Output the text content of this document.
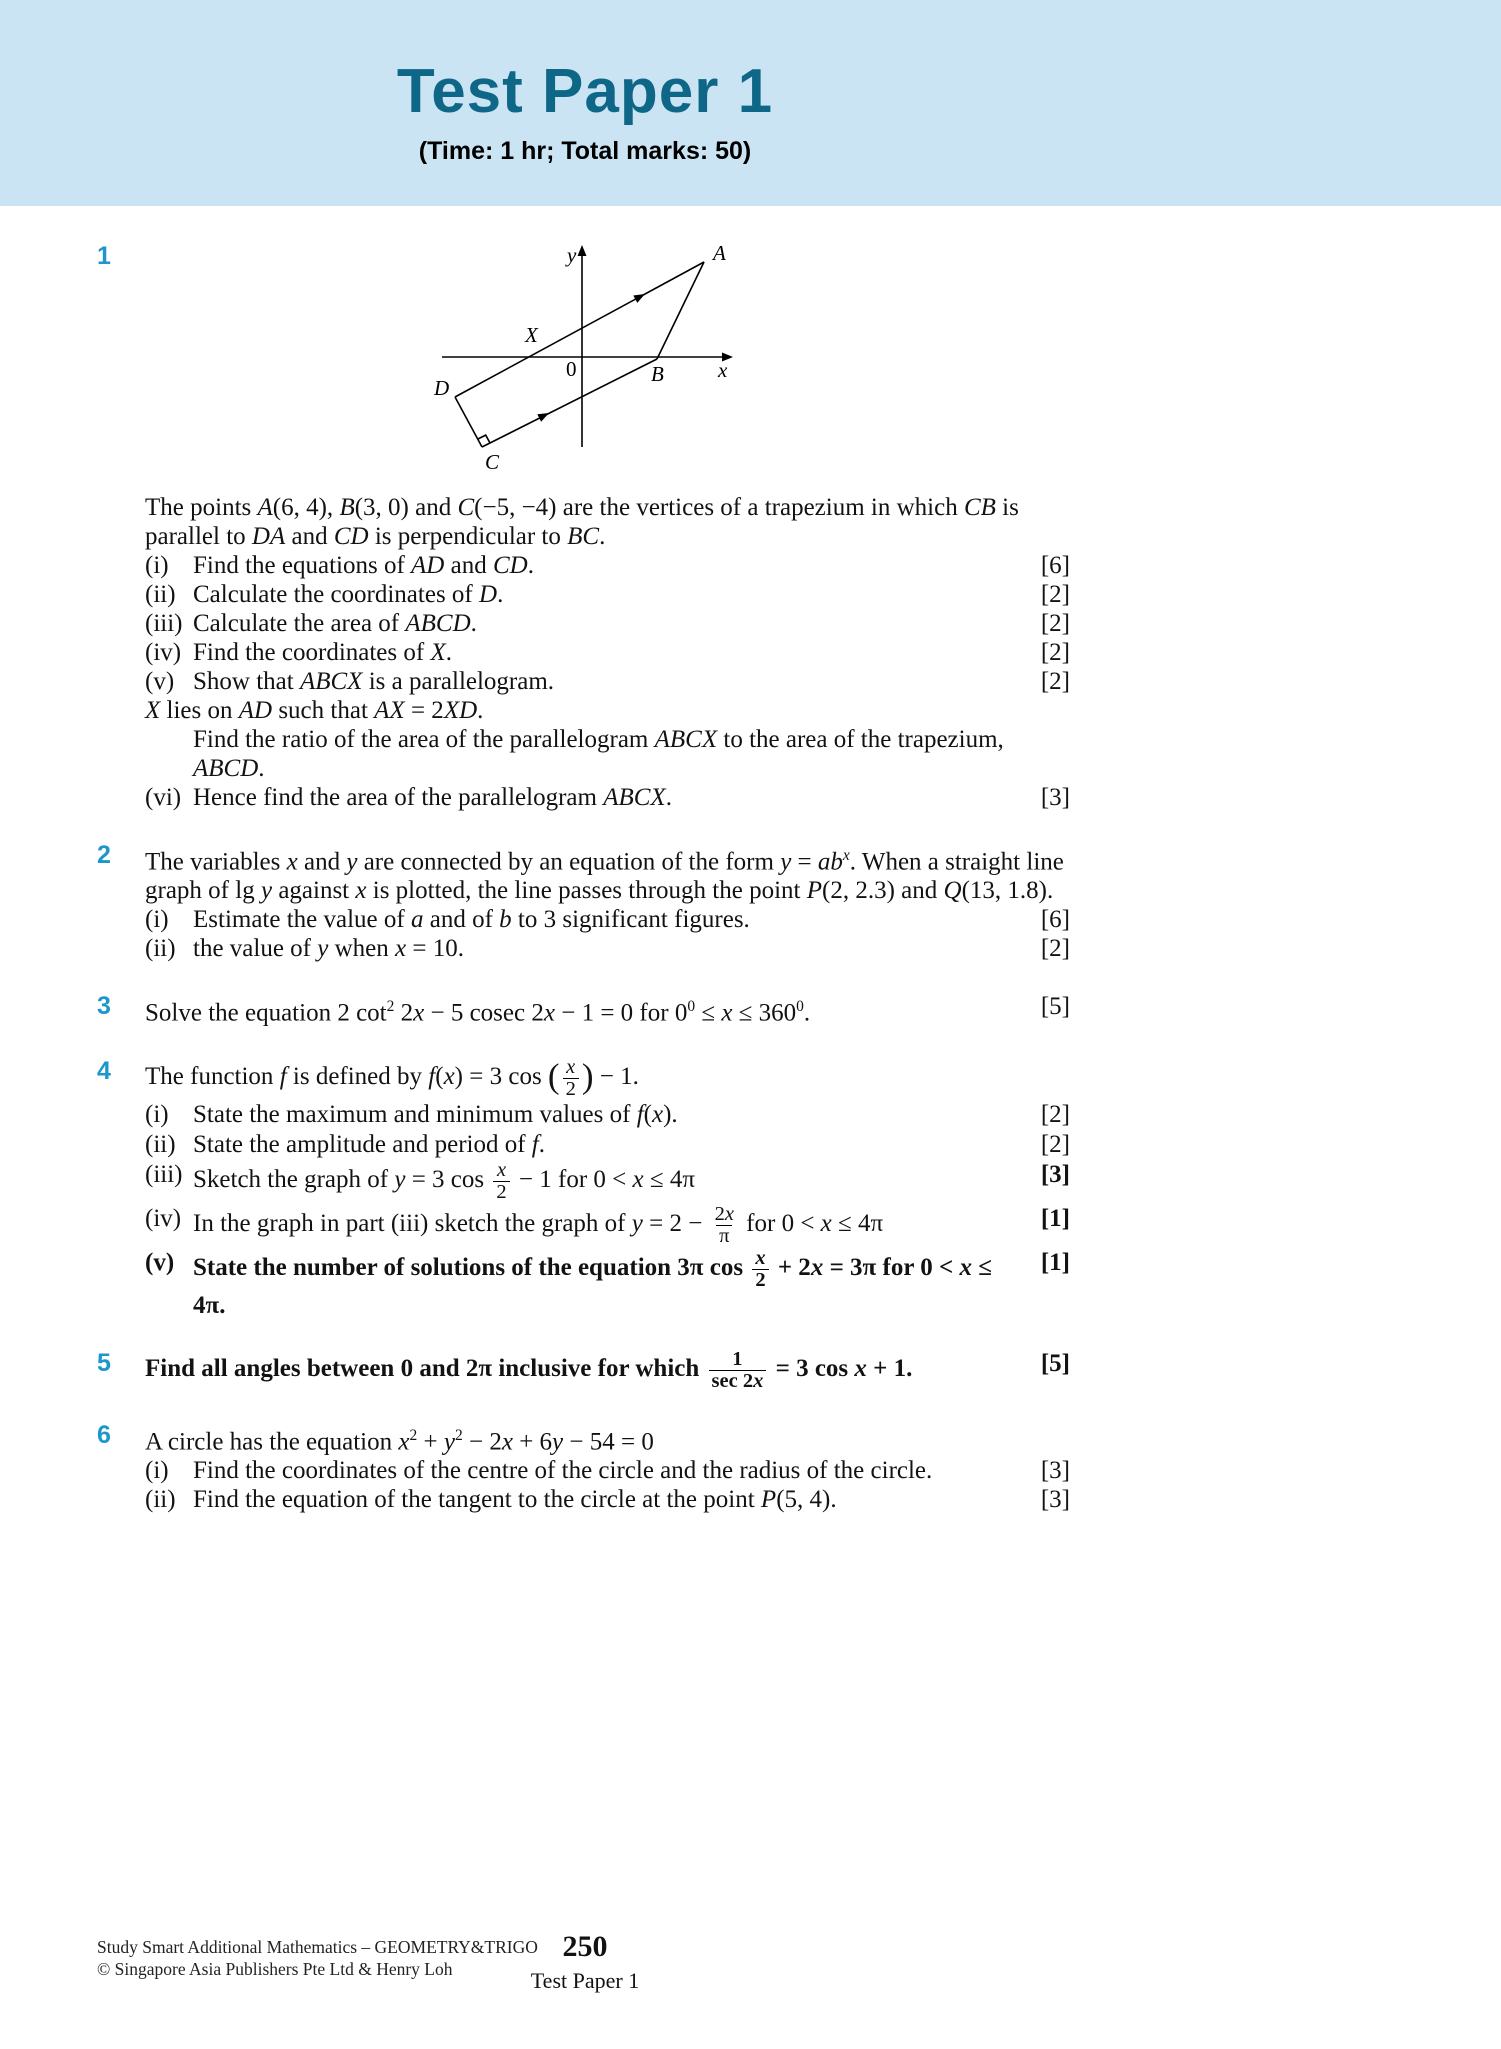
Test Paper 1
(Time: 1 hr; Total marks: 50)
1	A
B
C
D
X
y
x
0

The points A(6, 4), B(3, 0) and C(−5, −4) are the vertices of a trapezium in which CB is parallel to DA and CD is perpendicular to BC.

(i) Find the equations of AD and CD.	[6]
(ii) Calculate the coordinates of D.	[2]
(iii) Calculate the area of ABCD.	[2]
(iv) Find the coordinates of X.	[2]
(v) Show that ABCX is a parallelogram.	[2]

X lies on AD such that AX = 2XD.

(vi)
Find the ratio of the area of the parallelogram ABCX to the area of the trapezium, ABCD.
Hence find the area of the parallelogram ABCX.	[3]
2 The variables x and y are connected by an equation of the form $y = ab^x$. When a straight line graph of lg y against x is plotted, the line passes through the point P(2, 2.3) and Q(13, 1.8).

(i) Estimate the value of a and of b to 3 significant figures.	[6]
(ii) the value of y when x = 10.	[2]
3 Solve the equation 2 $\cot^2 2x - 5$ cosec 2x − 1 = 0 for $0^0 \le x \le 360^0$.	[5]
4 The function f is defined by f(x) = 3 cos ( $\frac{x}{2}$ ) − 1.

(i) State the maximum and minimum values of f(x).	[2]
(ii) State the amplitude and period of f.	[2]
(iii) Sketch the graph of y = 3 $\cos \frac{x}{2} - 1$ for 0 < x ≤ 4π	[3]
(iv) In the graph in part (iii) sketch the graph of $y = 2 - \frac{2x}{\pi}$ for 0 < x ≤ 4π	[1]
(v) State the number of solutions of the equation 3π $\cos \frac{x}{2} + 2x = 3\pi$ for 0 < x ≤ 4π.
[1]
5 Find all angles between 0 and 2π inclusive for which $\frac{1}{\sec 2x} = 3$ cos x + 1.	[5]
6 A circle has the equation $x^2 + y^2 - 2x + 6y - 54 = 0$

(i) Find the coordinates of the centre of the circle and the radius of the circle.	[3]
(ii) Find the equation of the tangent to the circle at the point P(5, 4).	[3]
Study Smart Additional Mathematics – GEOMETRY&TRIGO
© Singapore Asia Publishers Pte Ltd & Henry Loh
250
Test Paper 1
